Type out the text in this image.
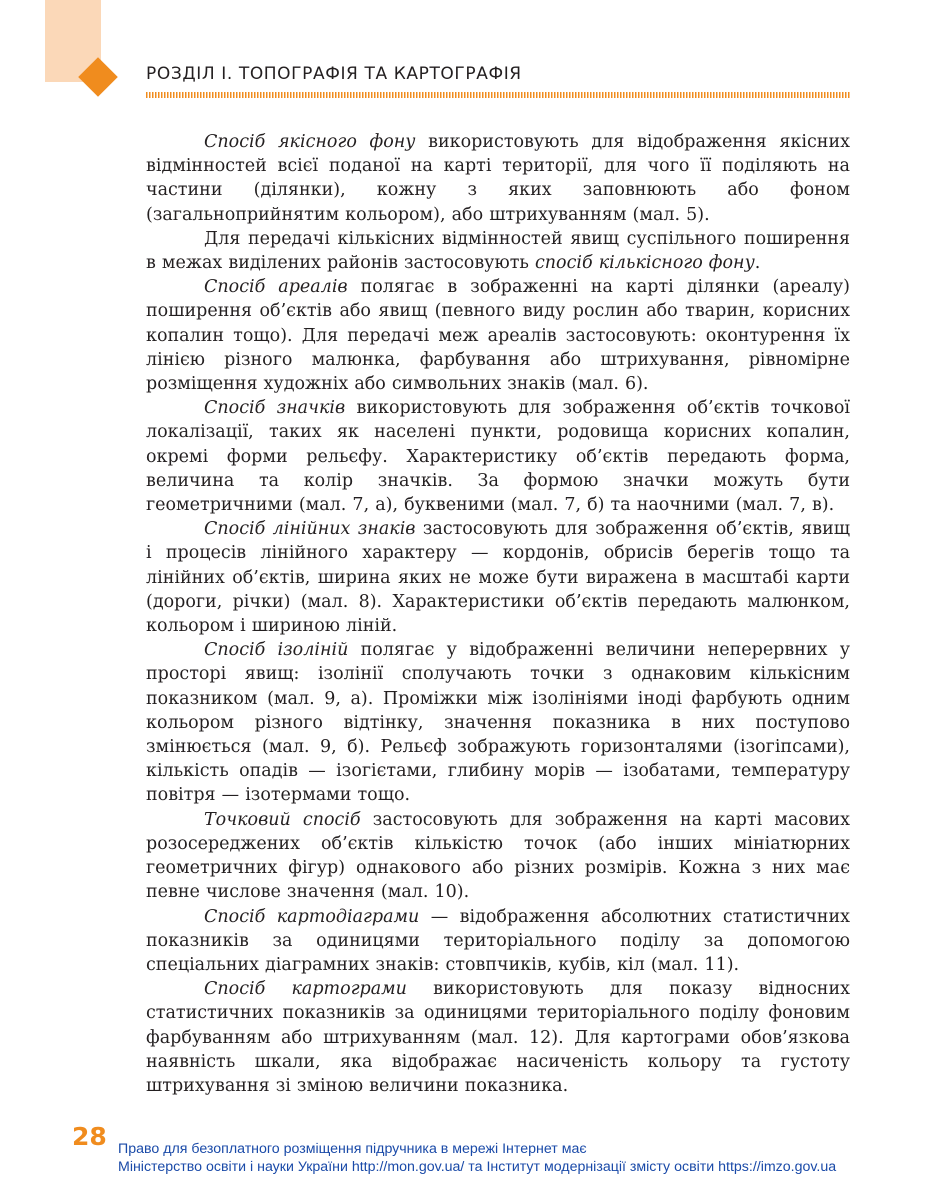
РОЗДІЛ І. ТОПОГРАФІЯ ТА КАРТОГРАФІЯ

Спосіб якісного фону використовують для відображення якісних відмінностей всієї поданої на карті території, для чого її поділяють на частини (ділянки), кожну з яких заповнюють або фоном (загальноприйнятим кольором), або штрихуванням (мал. 5).

Для передачі кількісних відмінностей явищ суспільного поширення в межах виділених районів застосовують спосіб кількісного фону.

Спосіб ареалів полягає в зображенні на карті ділянки (ареалу) поширення об’єктів або явищ (певного виду рослин або тварин, корисних копалин тощо). Для передачі меж ареалів застосовують: оконтурення їх лінією різного малюнка, фарбування або штрихування, рівномірне розміщення художніх або символьних знаків (мал. 6).

Спосіб значків використовують для зображення об’єктів точкової локалізації, таких як населені пункти, родовища корисних копалин, окремі форми рельєфу. Характеристику об’єктів передають форма, величина та колір значків. За формою значки можуть бути геометричними (мал. 7, а), буквеними (мал. 7, б) та наочними (мал. 7, в).

Спосіб лінійних знаків застосовують для зображення об’єктів, явищ і процесів лінійного характеру — кордонів, обрисів берегів тощо та лінійних об’єктів, ширина яких не може бути виражена в масштабі карти (дороги, річки) (мал. 8). Характеристики об’єктів передають малюнком, кольором і шириною ліній.

Спосіб ізоліній полягає у відображенні величини неперервних у просторі явищ: ізолінії сполучають точки з однаковим кількісним показником (мал. 9, а). Проміжки між ізолініями іноді фарбують одним кольором різного відтінку, значення показника в них поступово змінюється (мал. 9, б). Рельєф зображують горизонталями (ізогіпсами), кількість опадів — ізогієтами, глибину морів — ізобатами, температуру повітря — ізотермами тощо.

Точковий спосіб застосовують для зображення на карті масових розосереджених об’єктів кількістю точок (або інших мініатюрних геометричних фігур) однакового або різних розмірів. Кожна з них має певне числове значення (мал. 10).

Спосіб картодіаграми — відображення абсолютних статистичних показників за одиницями територіального поділу за допомогою спеціальних діаграмних знаків: стовпчиків, кубів, кіл (мал. 11).

Спосіб картограми використовують для показу відносних статистичних показників за одиницями територіального поділу фоновим фарбуванням або штрихуванням (мал. 12). Для картограми обов’язкова наявність шкали, яка відображає насиченість кольору та густоту штрихування зі зміною величини показника.

28 Право для безоплатного розміщення підручника в мережі Інтернет має
Міністерство освіти і науки України http://mon.gov.ua/ та Інститут модернізації змісту освіти https://imzo.gov.ua
